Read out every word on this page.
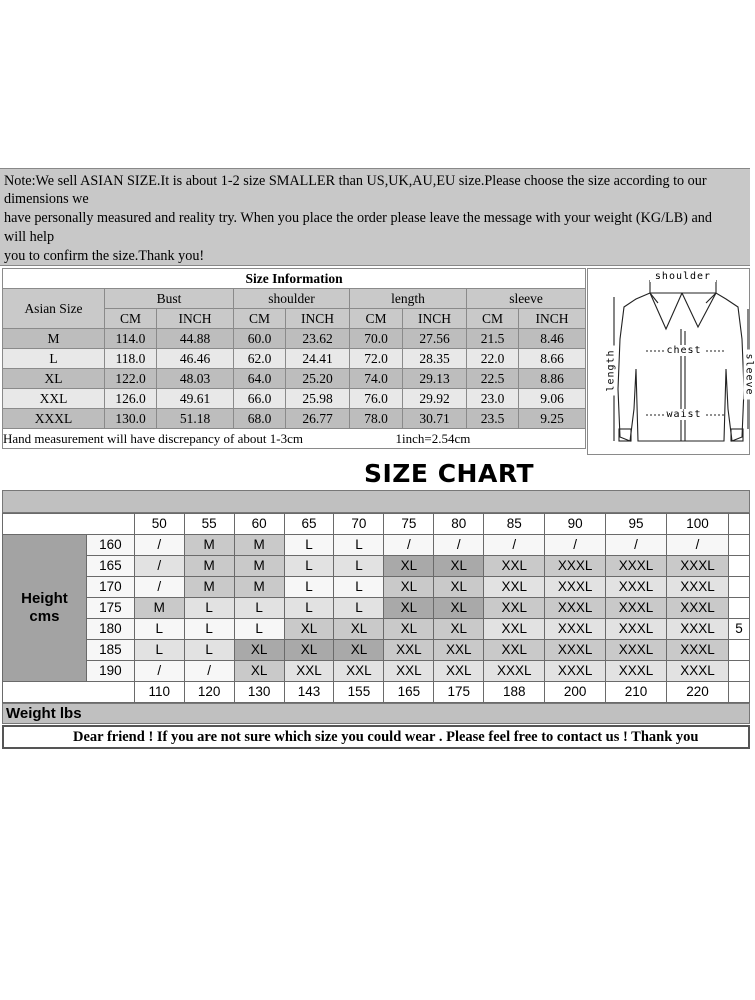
Note:We sell ASIAN SIZE.It is about 1-2 size SMALLER than US,UK,AU,EU size.Please choose the size according to our
dimensions we
have personally measured and reality try. When you place the order please leave the message with your weight (KG/LB) and
will help
you to confirm the size.Thank you!
Size Information								
Asian Size	Bust		shoulder		length		sleeve	
	CM	INCH	CM	INCH	CM	INCH	CM	INCH
M	114.0	44.88	60.0	23.62	70.0	27.56	21.5	8.46
L	118.0	46.46	62.0	24.41	72.0	28.35	22.0	8.66
XL	122.0	48.03	64.0	25.20	74.0	29.13	22.5	8.86
XXL	126.0	49.61	66.0	25.98	76.0	29.92	23.0	9.06
XXXL	130.0	51.18	68.0	26.77	78.0	30.71	23.5	9.25
Hand measurement will have discrepancy of about 1-3cm 1inch=2.54cm								
shoulder
chest
waist
length	sleeve
SIZE CHART
		50	55	60	65	70	75	80	85	90	95	100	

Height
cms	160	/	M	M	L	L	/	/	/	/	/	/	
	165	/	M	M	L	L	XL	XL	XXL	XXXL	XXXL	XXXL	
	170	/	M	M	L	L	XL	XL	XXL	XXXL	XXXL	XXXL	
	175	M	L	L	L	L	XL	XL	XXL	XXXL	XXXL	XXXL	
	180	L	L	L	XL	XL	XL	XL	XXL	XXXL	XXXL	XXXL	5
	185	L	L	XL	XL	XL	XXL	XXL	XXL	XXXL	XXXL	XXXL	
	190	/	/	XL	XXL	XXL	XXL	XXL	XXXL	XXXL	XXXL	XXXL	
		110	120	130	143	155	165	175	188	200	210	220	
Weight lbs
Dear friend ! If you are not sure which size you could wear . Please feel free to contact us ! Thank you
